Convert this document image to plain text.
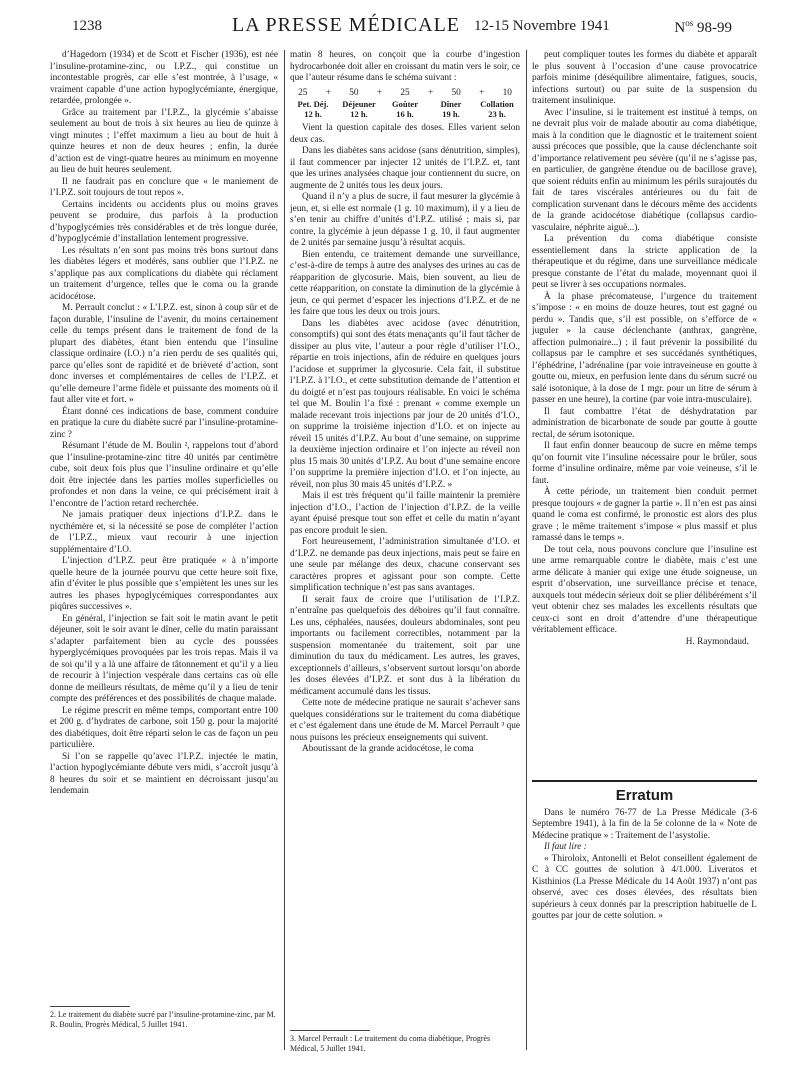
1238	LA PRESSE MÉDICALE 12-15 Novembre 1941	$N^{os}$ 98-99

d’Hagedorn (1934) et de Scott et Fischer (1936), est née l’insuline-protamine-zinc, ou I.P.Z., qui constitue un incontestable progrès, car elle s’est montrée, à l’usage, « vraiment capable d’une action hypoglycémiante, énergique, retardée, prolongée ».

Grâce au traitement par l’I.P.Z., la glycémie s’abaisse seulement au bout de trois à six heures au lieu de quinze à vingt minutes ; l’effet maximum a lieu au bout de huit à quinze heures et non de deux heures ; enfin, la durée d’action est de vingt-quatre heures au minimum en moyenne au lieu de huit heures seulement.

Il ne faudrait pas en conclure que « le maniement de l’I.P.Z. soit toujours de tout repos ».

Certains incidents ou accidents plus ou moins graves peuvent se produire, dus parfois à la production d’hypoglycémies très considérables et de très longue durée, d’hypoglycémie d’installation lentement progressive.

Les résultats n’en sont pas moins très bons surtout dans les diabètes légers et modérés, sans oublier que l’I.P.Z. ne s’applique pas aux complications du diabète qui réclament un traitement d’urgence, telles que le coma ou la grande acidocétose.

M. Perrault conclut : « L’I.P.Z. est, sinon à coup sûr et de façon durable, l’insuline de l’avenir, du moins certainement celle du temps présent dans le traitement de fond de la plupart des diabètes, étant bien entendu que l’insuline classique ordinaire (I.O.) n’a rien perdu de ses qualités qui, parce qu’elles sont de rapidité et de brièveté d’action, sont donc inverses et complémentaires de celles de l’I.P.Z. et qu’elle demeure l’arme fidèle et puissante des moments où il faut aller vite et fort. »

Étant donné ces indications de base, comment conduire en pratique la cure du diabète sucré par l’insuline-protamine-zinc ?

Résumant l’étude de M. Boulin ², rappelons tout d’abord que l’insuline-protamine-zinc titre 40 unités par centimètre cube, soit deux fois plus que l’insuline ordinaire et qu’elle doit être injectée dans les parties molles superficielles ou profondes et non dans la veine, ce qui précisément irait à l’encontre de l’action retard recherchée.

Ne jamais pratiquer deux injections d’I.P.Z. dans le nycthémère et, si la nécessité se pose de compléter l’action de l’I.P.Z., mieux vaut recourir à une injection supplémentaire d’I.O.

L’injection d’I.P.Z. peut être pratiquée « à n’importe quelle heure de la journée pourvu que cette heure soit fixe, afin d’éviter le plus possible que s’empiètent les unes sur les autres les phases hypoglycémiques correspondantes aux piqûres successives ».

En général, l’injection se fait soit le matin avant le petit déjeuner, soit le soir avant le dîner, celle du matin paraissant s’adapter parfaitement bien au cycle des poussées hyperglycémiques provoquées par les trois repas. Mais il va de soi qu’il y a là une affaire de tâtonnement et qu’il y a lieu de recourir à l’injection vespérale dans certains cas où elle donne de meilleurs résultats, de même qu’il y a lieu de tenir compte des préférences et des possibilités de chaque malade.

Le régime prescrit en même temps, comportant entre 100 et 200 g. d’hydrates de carbone, soit 150 g. pour la majorité des diabétiques, doit être réparti selon le cas de façon un peu particulière.

Si l’on se rappelle qu’avec l’I.P.Z. injectée le matin, l’action hypoglycémiante débute vers midi, s’accroît jusqu’à 8 heures du soir et se maintient en décroissant jusqu’au lendemain

2. Le traitement du diabète sucré par l’insuline-protamine-zinc, par M. R. Boulin, Progrès Médical, 5 Juillet 1941.

matin 8 heures, on conçoit que la courbe d’ingestion hydrocarbonée doit aller en croissant du matin vers le soir, ce que l’auteur résume dans le schéma suivant :

25	+	50	+	25	+	50	+	10
Pet. Déj.	Déjeuner	Goûter	Dîner	Collation
12 h.	12 h.	16 h.	19 h.	23 h.

Vient la question capitale des doses. Elles varient selon deux cas.

Dans les diabètes sans acidose (sans dénutrition, simples), il faut commencer par injecter 12 unités de l’I.P.Z. et, tant que les urines analysées chaque jour contiennent du sucre, on augmente de 2 unités tous les deux jours.

Quand il n’y a plus de sucre, il faut mesurer la glycémie à jeun, et, si elle est normale (1 g. 10 maximum), il y a lieu de s’en tenir au chiffre d’unités d’I.P.Z. utilisé ; mais si, par contre, la glycémie à jeun dépasse 1 g. 10, il faut augmenter de 2 unités par semaine jusqu’à résultat acquis.

Bien entendu, ce traitement demande une surveillance, c’est-à-dire de temps à autre des analyses des urines au cas de réapparition de glycosurie. Mais, bien souvent, au lieu de cette réapparition, on constate la diminution de la glycémie à jeun, ce qui permet d’espacer les injections d’I.P.Z. et de ne les faire que tous les deux ou trois jours.

Dans les diabètes avec acidose (avec dénutrition, consomptifs) qui sont des états menaçants qu’il faut tâcher de dissiper au plus vite, l’auteur a pour règle d’utiliser l’I.O., répartie en trois injections, afin de réduire en quelques jours l’acidose et supprimer la glycosurie. Cela fait, il substitue l’I.P.Z. à l’I.O., et cette substitution demande de l’attention et du doigté et n’est pas toujours réalisable. En voici le schéma tel que M. Boulin l’a fixé : prenant « comme exemple un malade recevant trois injections par jour de 20 unités d’I.O., on supprime la troisième injection d’I.O. et on injecte au réveil 15 unités d’I.P.Z. Au bout d’une semaine, on supprime la deuxième injection ordinaire et l’on injecte au réveil non plus 15 mais 30 unités d’I.P.Z. Au bout d’une semaine encore l’on supprime la première injection d’I.O. et l’on injecte, au réveil, non plus 30 mais 45 unités d’I.P.Z. »

Mais il est très fréquent qu’il faille maintenir la première injection d’I.O., l’action de l’injection d’I.P.Z. de la veille ayant épuisé presque tout son effet et celle du matin n’ayant pas encore produit le sien.

Fort heureusement, l’administration simultanée d’I.O. et d’I.P.Z. ne demande pas deux injections, mais peut se faire en une seule par mélange des deux, chacune conservant ses caractères propres et agissant pour son compte. Cette simplification technique n’est pas sans avantages.

Il serait faux de croire que l’utilisation de l’I.P.Z. n’entraîne pas quelquefois des déboires qu’il faut connaître. Les uns, céphalées, nausées, douleurs abdominales, sont peu importants ou facilement correctibles, notamment par la suspension momentanée du traitement, soit par une diminution du taux du médicament. Les autres, les graves, exceptionnels d’ailleurs, s’observent surtout lorsqu’on aborde les doses élevées d’I.P.Z. et sont dus à la libération du médicament accumulé dans les tissus.

Cette note de médecine pratique ne saurait s’achever sans quelques considérations sur le traitement du coma diabétique et c’est également dans une étude de M. Marcel Perrault ³ que nous puisons les précieux enseignements qui suivent.

Aboutissant de la grande acidocétose, le coma

3. Marcel Perrault : Le traitement du coma diabétique, Progrès Médical, 5 Juillet 1941.

peut compliquer toutes les formes du diabète et apparaît le plus souvent à l’occasion d’une cause provocatrice parfois minime (déséquilibre alimentaire, fatigues, soucis, infections surtout) ou par suite de la suspension du traitement insulinique.

Avec l’insuline, si le traitement est institué à temps, on ne devrait plus voir de malade aboutir au coma diabétique, mais à la condition que le diagnostic et le traitement soient aussi précoces que possible, que la cause déclenchante soit d’importance relativement peu sévère (qu’il ne s’agisse pas, en particulier, de gangrène étendue ou de bacillose grave), que soient réduits enfin au minimum les périls surajoutés du fait de tares viscérales antérieures ou du fait de complication survenant dans le décours même des accidents de la grande acidocétose diabétique (collapsus cardio-vasculaire, néphrite aiguë...).

La prévention du coma diabétique consiste essentiellement dans la stricte application de la thérapeutique et du régime, dans une surveillance médicale presque constante de l’état du malade, moyennant quoi il peut se livrer à ses occupations normales.

À la phase précomateuse, l’urgence du traitement s’impose : « en moins de douze heures, tout est gagné ou perdu ». Tandis que, s’il est possible, on s’efforce de « juguler » la cause déclenchante (anthrax, gangrène, affection pulmonaire...) ; il faut prévenir la possibilité du collapsus par le camphre et ses succédanés synthétiques, l’éphédrine, l’adrénaline (par voie intraveineuse en goutte à goutte ou, mieux, en perfusion lente dans du sérum sucré ou salé isotonique, à la dose de 1 mgr. pour un litre de sérum à passer en une heure), la cortine (par voie intra-musculaire).

Il faut combattre l’état de déshydratation par administration de bicarbonate de soude par goutte à goutte rectal, de sérum isotonique.

Il faut enfin donner beaucoup de sucre en même temps qu’on fournit vite l’insuline nécessaire pour le brûler, sous forme d’insuline ordinaire, même par voie veineuse, s’il le faut.

À cette période, un traitement bien conduit permet presque toujours « de gagner la partie ». Il n’en est pas ainsi quand le coma est confirmé, le pronostic est alors des plus grave ; le même traitement s’impose « plus massif et plus ramassé dans le temps ».

De tout cela, nous pouvons conclure que l’insuline est une arme remarquable contre le diabète, mais c’est une arme délicate à manier qui exige une étude soigneuse, un esprit d’observation, une surveillance précise et tenace, auxquels tout médecin sérieux doit se plier délibérément s’il veut obtenir chez ses malades les excellents résultats que ceux-ci sont en droit d’attendre d’une thérapeutique véritablement efficace.

H. Raymondaud.

Erratum

Dans le numéro 76-77 de La Presse Médicale (3-6 Septembre 1941), à la fin de la 5e colonne de la « Note de Médecine pratique » : Traitement de l’asystolie.

Il faut lire :

« Thiroloix, Antonelli et Belot conseillent également de C à CC gouttes de solution à 4/1.000. Liveratos et Kisthinios (La Presse Médicale du 14 Août 1937) n’ont pas observé, avec ces doses élevées, des résultats bien supérieurs à ceux donnés par la prescription habituelle de L gouttes par jour de cette solution. »
